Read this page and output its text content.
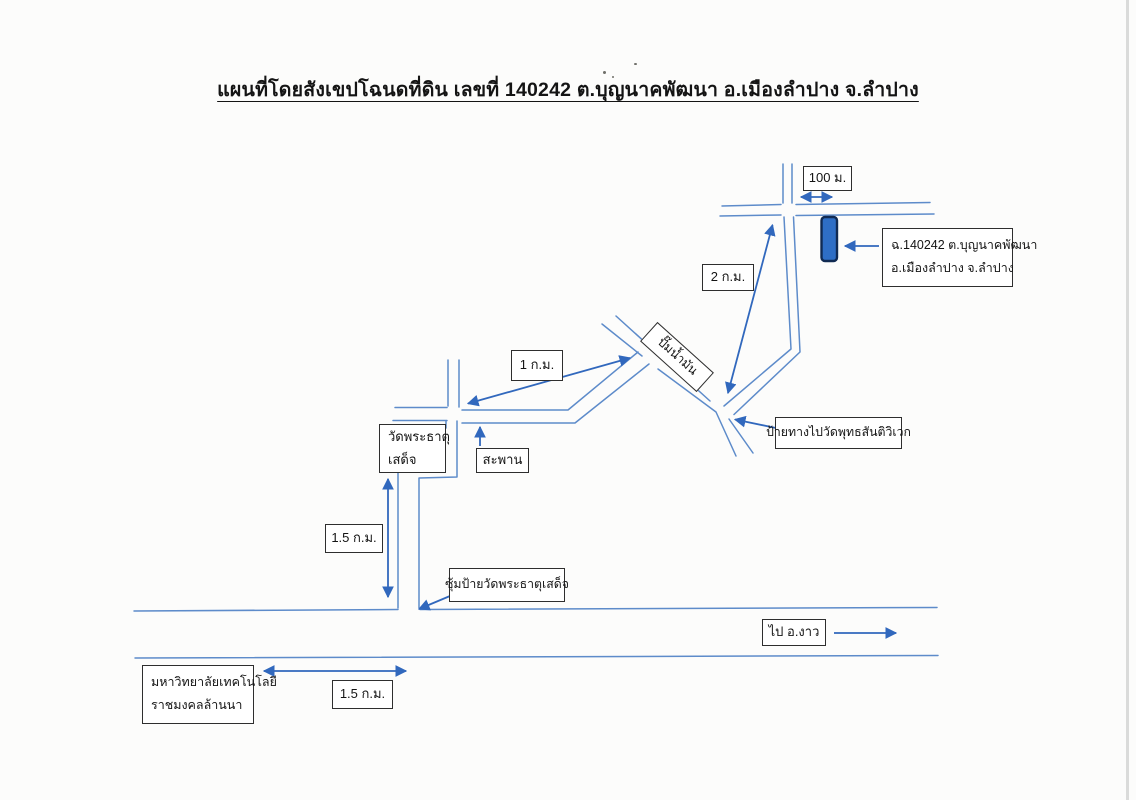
แผนที่โดยสังเขปโฉนดที่ดิน เลขที่ 140242 ต.บุญนาคพัฒนา อ.เมืองลำปาง จ.ลำปาง
100 ม.
2 ก.ม.
ฉ.140242 ต.บุญนาคพัฒนา
อ.เมืองลำปาง จ.ลำปาง
ปั๊มน้ำมัน
ป้ายทางไปวัดพุทธสันติวิเวก
1 ก.ม.
วัดพระธาตุ
เสด็จ	สะพาน
1.5 ก.ม.
ซุ้มป้ายวัดพระธาตุเสด็จ
ไป อ.งาว
มหาวิทยาลัยเทคโนโลยี
ราชมงคลล้านนา
1.5 ก.ม.
